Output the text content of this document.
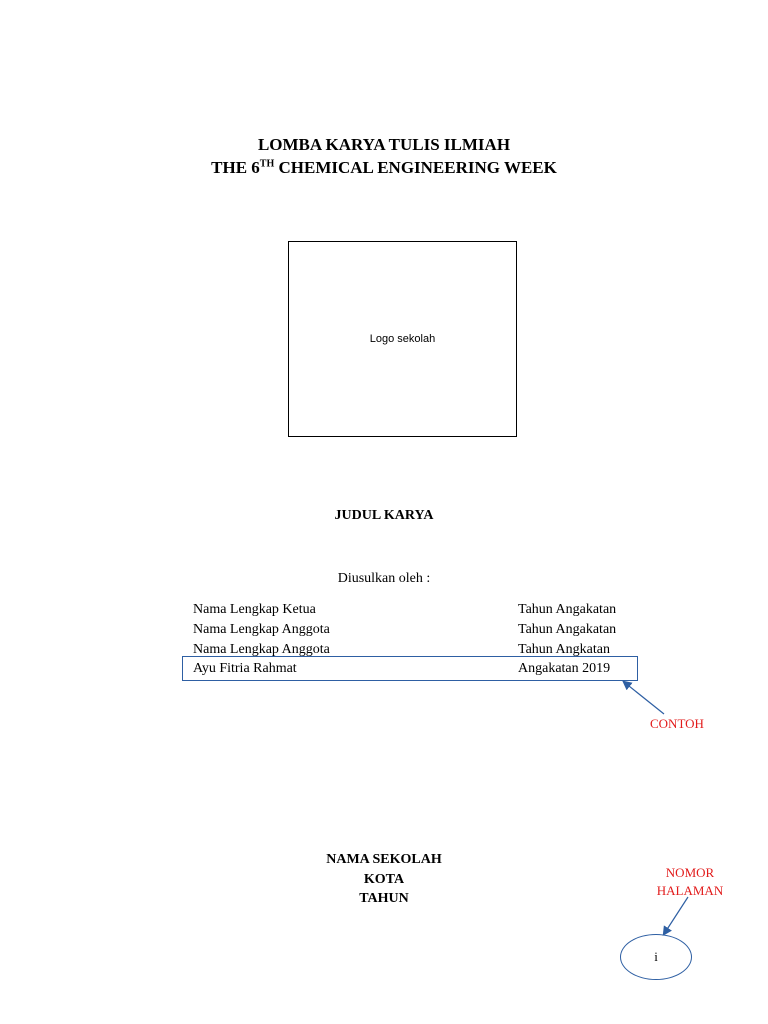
LOMBA KARYA TULIS ILMIAH
THE 6TH CHEMICAL ENGINEERING WEEK
Logo sekolah
JUDUL KARYA
Diusulkan oleh :
Nama Lengkap Ketua	Tahun Angakatan
Nama Lengkap Anggota	Tahun Angakatan
Nama Lengkap Anggota	Tahun Angkatan
Ayu Fitria Rahmat	Angakatan 2019
CONTOH
NAMA SEKOLAH
KOTA
TAHUN
NOMOR
HALAMAN
i
